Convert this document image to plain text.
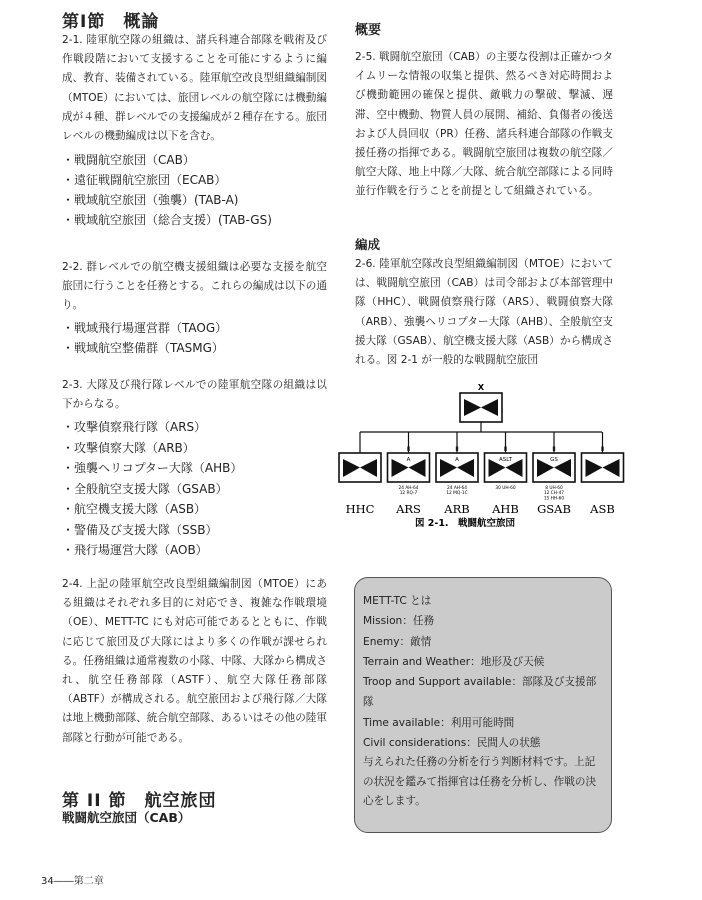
第Ⅰ節　概論
2-1. 陸軍航空隊の組織は、諸兵科連合部隊を戦術及び作戦段階において支援することを可能にするように編成、教育、装備されている。陸軍航空改良型組織編制図（MTOE）においては、旅団レベルの航空隊には機動編成が４種、群レベルでの支援編成が２種存在する。旅団レベルの機動編成は以下を含む。
・戦闘航空旅団（CAB）
・遠征戦闘航空旅団（ECAB）
・戦域航空旅団（強襲）(TAB-A)
・戦域航空旅団（総合支援）(TAB-GS)
2-2. 群レベルでの航空機支援組織は必要な支援を航空旅団に行うことを任務とする。これらの編成は以下の通り。
・戦域飛行場運営群（TAOG）
・戦域航空整備群（TASMG）
2-3. 大隊及び飛行隊レベルでの陸軍航空隊の組織は以下からなる。
・攻撃偵察飛行隊（ARS）
・攻撃偵察大隊（ARB）
・強襲ヘリコプター大隊（AHB）
・全般航空支援大隊（GSAB）
・航空機支援大隊（ASB）
・警備及び支援大隊（SSB）
・飛行場運営大隊（AOB）
2-4. 上記の陸軍航空改良型組織編制図（MTOE）にある組織はそれぞれ多目的に対応でき、複雑な作戦環境（OE）、METT-TC にも対応可能であるとともに、作戦に応じて旅団及び大隊にはより多くの作戦が課せられる。任務組織は通常複数の小隊、中隊、大隊から構成され、航空任務部隊（ASTF）、航空大隊任務部隊（ABTF）が構成される。航空旅団および飛行隊／大隊は地上機動部隊、統合航空部隊、あるいはその他の陸軍部隊と行動が可能である。
第 II 節　航空旅団
戦闘航空旅団（CAB）
概要
2-5. 戦闘航空旅団（CAB）の主要な役割は正確かつタイムリーな情報の収集と提供、然るべき対応時間および機動範囲の確保と提供、敵戦力の撃破、撃滅、遅滞、空中機動、物質人員の展開、補給、負傷者の後送および人員回収（PR）任務、諸兵科連合部隊の作戦支援任務の指揮である。戦闘航空旅団は複数の航空隊／航空大隊、地上中隊／大隊、統合航空部隊による同時並行作戦を行うことを前提として組織されている。
編成
2-6. 陸軍航空隊改良型組織編制図（MTOE）においては、戦闘航空旅団（CAB）は司令部および本部管理中隊（HHC）、戦闘偵察飛行隊（ARS）、戦闘偵察大隊（ARB）、強襲ヘリコプター大隊（AHB）、全般航空支援大隊（GSAB）、航空機支援大隊（ASB）から構成される。図 2-1 が一般的な戦闘航空旅団
X
II
A
24 AH-64
12 RQ-7
II
A
24 AH-64
12 MQ-1C
II
ASLT
30 UH-60
II
GS
8 UH-60
12 CH-47
15 HH-60
II
HHC ARS ARB AHB GSAB ASB
図 2-1.　戦闘航空旅団
METT-TC とは
Mission：任務
Enemy：敵情
Terrain and Weather：地形及び天候
Troop and Support available：部隊及び支援部隊
Time available：利用可能時間
Civil considerations：民間人の状態
与えられた任務の分析を行う判断材料です。上記の状況を鑑みて指揮官は任務を分析し、作戦の決心をします。
34――第二章
